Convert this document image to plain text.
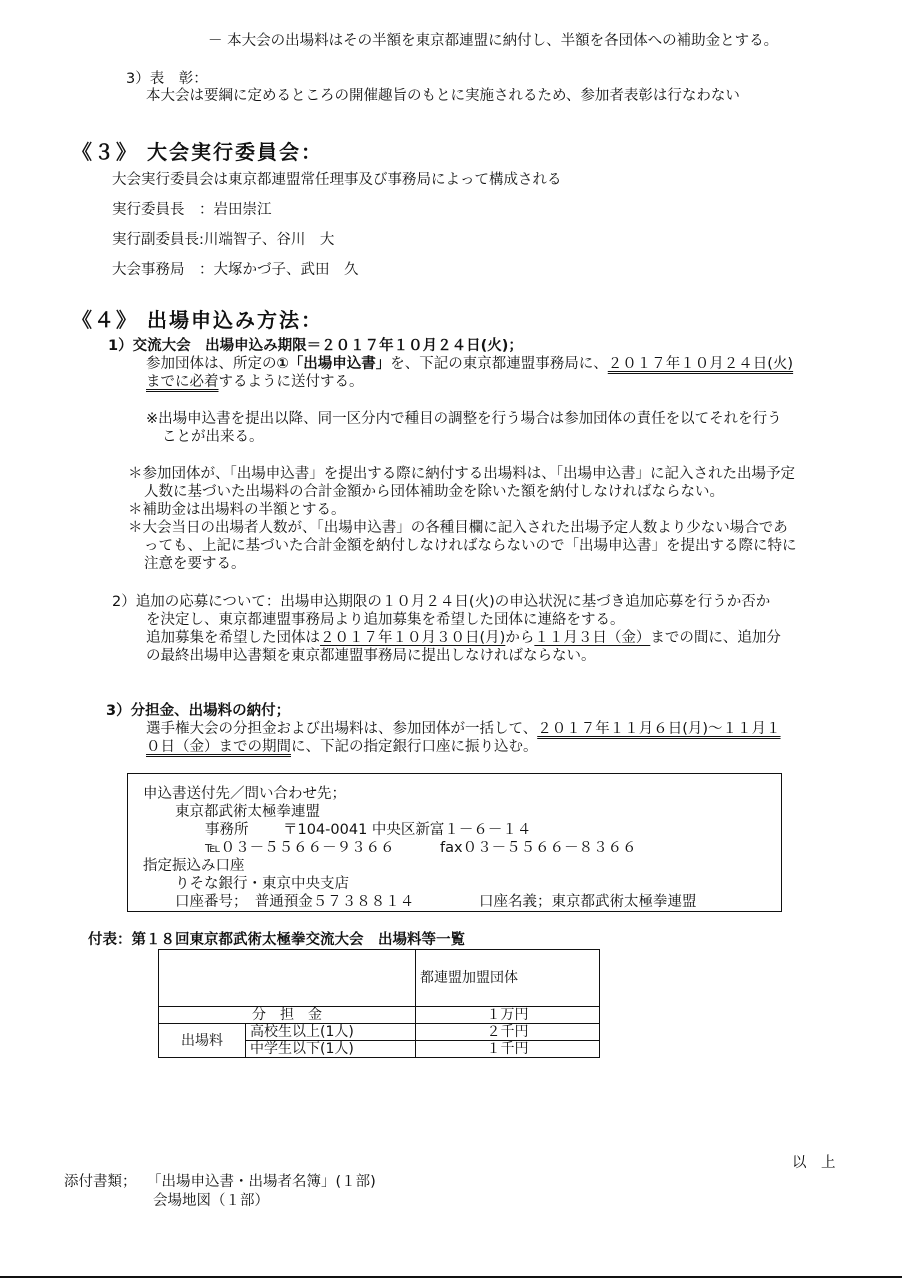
－ 本大会の出場料はその半額を東京都連盟に納付し、半額を各団体への補助金とする。
3）表　彰：
本大会は要綱に定めるところの開催趣旨のもとに実施されるため、参加者表彰は行なわない
《３》 大会実行委員会：
大会実行委員会は東京都連盟常任理事及び事務局によって構成される
実行委員長　：岩田崇江
実行副委員長:川端智子、谷川　大
大会事務局　：大塚かづ子、武田　久
《４》 出場申込み方法：
1）交流大会　出場申込み期限＝２０１７年１０月２４日(火)；
参加団体は、所定の①「出場申込書」を、下記の東京都連盟事務局に、２０１７年１０月２４日(火)
までに必着するように送付する。
※出場申込書を提出以降、同一区分内で種目の調整を行う場合は参加団体の責任を以てそれを行う
ことが出来る。
＊参加団体が、「出場申込書」を提出する際に納付する出場料は、「出場申込書」に記入された出場予定
人数に基づいた出場料の合計金額から団体補助金を除いた額を納付しなければならない。
＊補助金は出場料の半額とする。
＊大会当日の出場者人数が、「出場申込書」の各種目欄に記入された出場予定人数より少ない場合であ
っても、上記に基づいた合計金額を納付しなければならないので「出場申込書」を提出する際に特に
注意を要する。
2）追加の応募について：出場申込期限の１０月２４日(火)の申込状況に基づき追加応募を行うか否か
を決定し、東京都連盟事務局より追加募集を希望した団体に連絡をする。
追加募集を希望した団体は２０１７年１０月３０日(月)から１１月３日（金）までの間に、追加分
の最終出場申込書類を東京都連盟事務局に提出しなければならない。
3）分担金、出場料の納付；
選手権大会の分担金および出場料は、参加団体が一括して、２０１７年１１月６日(月)～１１月１
０日（金）までの期間に、下記の指定銀行口座に振り込む。
申込書送付先／問い合わせ先；
東京都武術太極拳連盟
事務所 〒104-0041 中央区新富１－６－１４
℡０３－５５６６－９３６６	fax０３－５５６６－８３６６
指定振込み口座
りそな銀行・東京中央支店
口座番号；　普通預金５７３８８１４	口座名義；東京都武術太極拳連盟
付表：第１８回東京都武術太極拳交流大会　出場料等一覧
		都連盟加盟団体
分　担　金		１万円
出場料	高校生以上(1人)	２千円
	中学生以下(1人)	１千円
以　上
添付書類； 「出場申込書・出場者名簿」(１部)
会場地図（１部）
